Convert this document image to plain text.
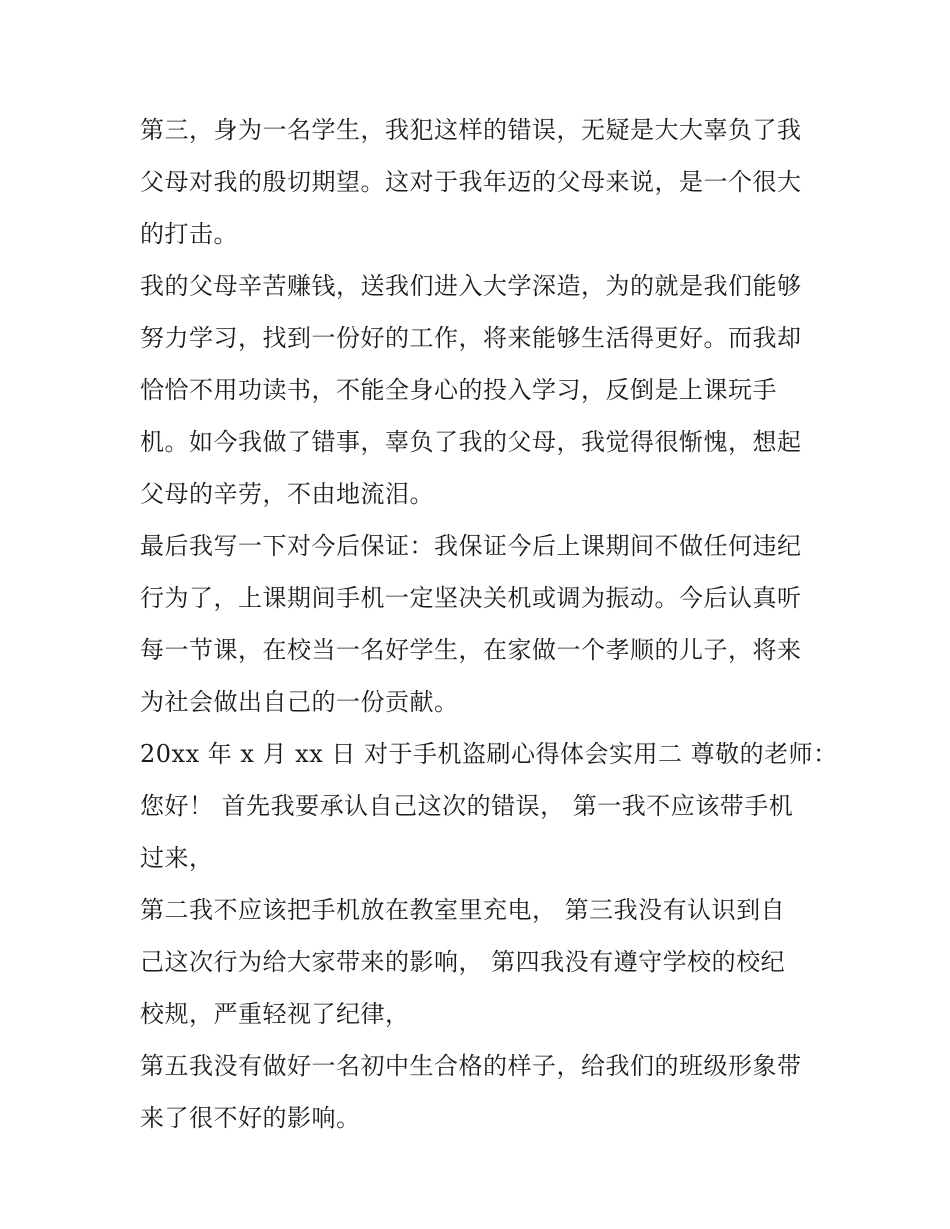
第三，身为一名学生，我犯这样的错误，无疑是大大辜负了我
父母对我的殷切期望。这对于我年迈的父母来说，是一个很大
的打击。
我的父母辛苦赚钱，送我们进入大学深造，为的就是我们能够
努力学习，找到一份好的工作，将来能够生活得更好。而我却
恰恰不用功读书，不能全身心的投入学习，反倒是上课玩手
机。如今我做了错事，辜负了我的父母，我觉得很惭愧，想起
父母的辛劳，不由地流泪。
最后我写一下对今后保证：我保证今后上课期间不做任何违纪
行为了，上课期间手机一定坚决关机或调为振动。今后认真听
每一节课，在校当一名好学生，在家做一个孝顺的儿子，将来
为社会做出自己的一份贡献。
20xx 年 x 月 xx 日 对于手机盗刷心得体会实用二 尊敬的老师：
您好！ 首先我要承认自己这次的错误， 第一我不应该带手机
过来，
第二我不应该把手机放在教室里充电， 第三我没有认识到自
己这次行为给大家带来的影响， 第四我没有遵守学校的校纪
校规，严重轻视了纪律，
第五我没有做好一名初中生合格的样子，给我们的班级形象带
来了很不好的影响。
